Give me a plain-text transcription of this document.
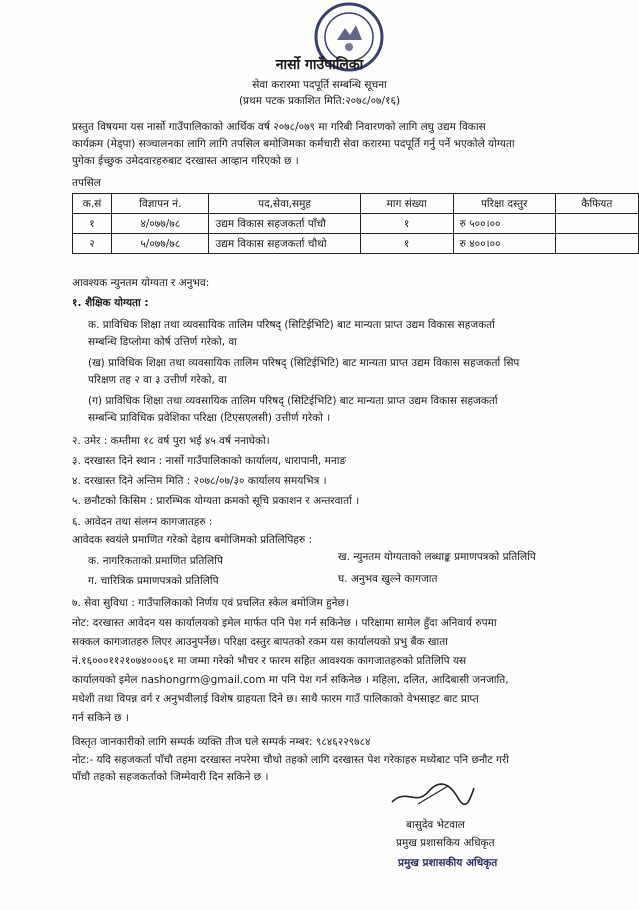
नार्सो गाउँपालिका
सेवा करारमा पदपूर्ति सम्बन्धि सूचना
(प्रथम पटक प्रकाशित मिति:२०७८/०७/१६)
प्रस्तुत विषयमा यस नार्सो गाउँपालिकाको आर्थिक वर्ष २०७८/०७९ मा गरिबी निवारणको लागि लघु उद्यम विकास
कार्यक्रम (मेड्पा) सञ्चालनका लागि लागि तपसिल बमोजिमका कर्मचारी सेवा करारमा पदपूर्ति गर्नु पर्ने भएकोले योग्यता
पुगेका ईच्छुक उमेदवारहरुबाट दरखास्त आव्हान गरिएको छ ।
तपसिल
क.सं	विज्ञापन नं.	पद,सेवा,समुह	माग संख्या	परिक्षा दस्तुर	कैफियत
१	४/०७७/७८	उद्यम विकास सहजकर्ता पाँचौ	१	रु ५००।००	
२	५/०७७/७८	उद्यम विकास सहजकर्ता चौथो	१	रु ४००।००	
आवश्यक न्युनतम योग्यता र अनुभव:
१. शैक्षिक योग्यता :
क. प्राविधिक शिक्षा तथा व्यवसायिक तालिम परिषद् (सिटिईभिटि) बाट मान्यता प्राप्त उद्यम विकास सहजकर्ता
सम्बन्धि डिप्लोमा कोर्ष उत्तिर्ण गरेको, वा
(ख) प्राविधिक शिक्षा तथा व्यवसायिक तालिम परिषद् (सिटिईभिटि) बाट मान्यता प्राप्त उद्यम विकास सहजकर्ता सिप
परिक्षण तह २ वा ३ उत्तीर्ण गरेको, वा
(ग) प्राविधिक शिक्षा तथा व्यवसायिक तालिम परिषद् (सिटिईभिटि) बाट मान्यता प्राप्त उद्यम विकास सहजकर्ता
सम्बन्धि प्राविधिक प्रवेशिका परिक्षा (टिएसएलसी) उत्तीर्ण गरेको ।
२. उमेर : कम्तीमा १८ वर्ष पुरा भई ४५ वर्ष ननाघेको।
३. दरखास्त दिने स्थान : नार्सो गाउँपालिकाको कार्यालय, धारापानी, मनाङ
४. दरखास्त दिने अन्तिम मिति : २०७८/०७/३० कार्यालय समयभित्र ।
५. छनौटको किसिम : प्रारम्भिक योग्यता क्रमको सूचि प्रकाशन र अन्तरवार्ता ।
६. आवेदन तथा संलग्न कागजातहरु :
आवेदक स्वयंले प्रमाणित गरेको देहाय बमोजिमको प्रतिलिपिहरु :
क. नागरिकताको प्रमाणित प्रतिलिपि	ख. न्युनतम योग्यताको लब्धाङ्क प्रमाणपत्रको प्रतिलिपि
ग. चारित्रिक प्रमाणपत्रको प्रतिलिपि	घ. अनुभव खुल्ने कागजात
७. सेवा सुविधा : गाउँपालिकाको निर्णय एवं प्रचलित स्केल बमोजिम हुनेछ।
नोट: दरखास्त आवेदन यस कार्यालयको इमेल मार्फत पनि पेश गर्न सकिनेछ । परिक्षामा सामेल हुँदा अनिवार्य रुपमा
सक्कल कागजातहरु लिएर आउनुपर्नेछ। परिक्षा दस्तुर बापतको रकम यस कार्यालयको प्रभु बैंक खाता
नं.१६०००११२१०७४०००६१ मा जम्मा गरेको भौचर र फारम सहित आवश्यक कागजातहरुको प्रतिलिपि यस
कार्यालयको इमेल nashongrm@gmail.com मा पनि पेश गर्न सकिनेछ । महिला, दलित, आदिबासी जनजाति,
मधेशी तथा विपन्न वर्ग र अनुभवीलाई विशेष ग्राहयता दिने छ। साथै फारम गाउँ पालिकाको वेभसाइट बाट प्राप्त
गर्न सकिने छ ।
विस्तृत जानकारीको लागि सम्पर्क व्यक्ति तीज घले सम्पर्क नम्बर: ९८४६२२९७८४
नोट:- यदि सहजकर्ता पाँचौ तहमा दरखास्त नपरेमा चौथो तहको लागि दरखास्त पेश गरेकाहरु मध्येबाट पनि छनौट गरी
पाँचौ तहको सहजकर्ताको जिम्मेवारी दिन सकिने छ ।
बासुदेव भेटवाल
प्रमुख प्रशासकिय अधिकृत
प्रमुख प्रशासकीय अधिकृत
